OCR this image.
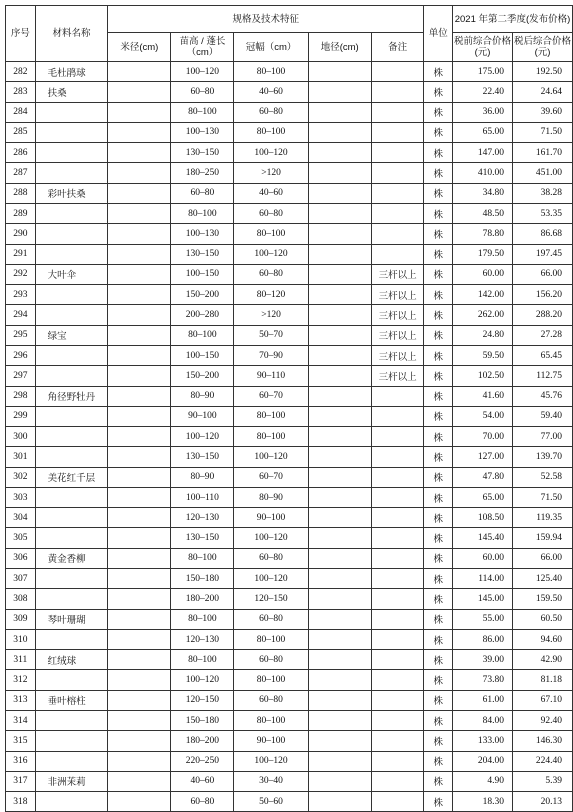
序号	材料名称	规格及技术特征					单位	2021 年第二季度(发布价格)	
		米径(cm)	苗高 / 蓬长（cm）	冠幅（cm）	地径(cm)	备注		税前综合价格(元)	税后综合价格(元)
282	毛杜鹃球		100–120	80–100			株	175.00	192.50
283	扶桑		60–80	40–60			株	22.40	24.64
284			80–100	60–80			株	36.00	39.60
285			100–130	80–100			株	65.00	71.50
286			130–150	100–120			株	147.00	161.70
287			180–250	>120			株	410.00	451.00
288	彩叶扶桑		60–80	40–60			株	34.80	38.28
289			80–100	60–80			株	48.50	53.35
290			100–130	80–100			株	78.80	86.68
291			130–150	100–120			株	179.50	197.45
292	大叶伞		100–150	60–80		三杆以上	株	60.00	66.00
293			150–200	80–120		三杆以上	株	142.00	156.20
294			200–280	>120		三杆以上	株	262.00	288.20
295	绿宝		80–100	50–70		三杆以上	株	24.80	27.28
296			100–150	70–90		三杆以上	株	59.50	65.45
297			150–200	90–110		三杆以上	株	102.50	112.75
298	角径野牡丹		80–90	60–70			株	41.60	45.76
299			90–100	80–100			株	54.00	59.40
300			100–120	80–100			株	70.00	77.00
301			130–150	100–120			株	127.00	139.70
302	美花红千层		80–90	60–70			株	47.80	52.58
303			100–110	80–90			株	65.00	71.50
304			120–130	90–100			株	108.50	119.35
305			130–150	100–120			株	145.40	159.94
306	黄金香柳		80–100	60–80			株	60.00	66.00
307			150–180	100–120			株	114.00	125.40
308			180–200	120–150			株	145.00	159.50
309	琴叶珊瑚		80–100	60–80			株	55.00	60.50
310			120–130	80–100			株	86.00	94.60
311	红绒球		80–100	60–80			株	39.00	42.90
312			100–120	80–100			株	73.80	81.18
313	垂叶榕柱		120–150	60–80			株	61.00	67.10
314			150–180	80–100			株	84.00	92.40
315			180–200	90–100			株	133.00	146.30
316			220–250	100–120			株	204.00	224.40
317	非洲茉莉		40–60	30–40			株	4.90	5.39
318			60–80	50–60			株	18.30	20.13
